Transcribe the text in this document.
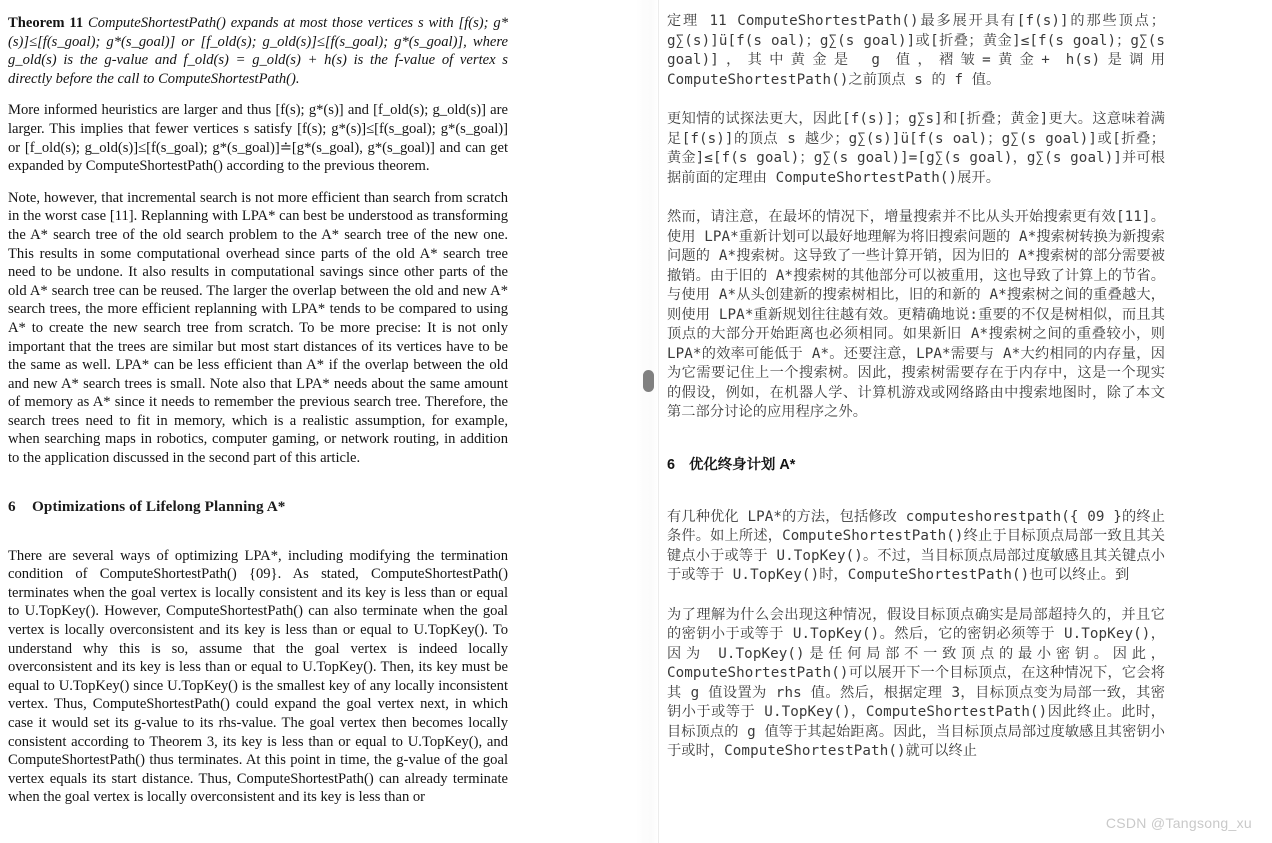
Theorem 11 ComputeShortestPath() expands at most those vertices s with [f(s); g*(s)]≤[f(s_goal); g*(s_goal)] or [f_old(s); g_old(s)]≤[f(s_goal); g*(s_goal)], where g_old(s) is the g-value and f_old(s) = g_old(s) + h(s) is the f-value of vertex s directly before the call to ComputeShortestPath().

More informed heuristics are larger and thus [f(s); g*(s)] and [f_old(s); g_old(s)] are larger. This implies that fewer vertices s satisfy [f(s); g*(s)]≤[f(s_goal); g*(s_goal)] or [f_old(s); g_old(s)]≤[f(s_goal); g*(s_goal)]≐[g*(s_goal), g*(s_goal)] and can get expanded by ComputeShortestPath() according to the previous theorem.

Note, however, that incremental search is not more efficient than search from scratch in the worst case [11]. Replanning with LPA* can best be understood as transforming the A* search tree of the old search problem to the A* search tree of the new one. This results in some computational overhead since parts of the old A* search tree need to be undone. It also results in computational savings since other parts of the old A* search tree can be reused. The larger the overlap between the old and new A* search trees, the more efficient replanning with LPA* tends to be compared to using A* to create the new search tree from scratch. To be more precise: It is not only important that the trees are similar but most start distances of its vertices have to be the same as well. LPA* can be less efficient than A* if the overlap between the old and new A* search trees is small. Note also that LPA* needs about the same amount of memory as A* since it needs to remember the previous search tree. Therefore, the search trees need to fit in memory, which is a realistic assumption, for example, when searching maps in robotics, computer gaming, or network routing, in addition to the application discussed in the second part of this article.

6 Optimizations of Lifelong Planning A*

There are several ways of optimizing LPA*, including modifying the termination condition of ComputeShortestPath() {09}. As stated, ComputeShortestPath() terminates when the goal vertex is locally consistent and its key is less than or equal to U.TopKey(). However, ComputeShortestPath() can also terminate when the goal vertex is locally overconsistent and its key is less than or equal to U.TopKey(). To understand why this is so, assume that the goal vertex is indeed locally overconsistent and its key is less than or equal to U.TopKey(). Then, its key must be equal to U.TopKey() since U.TopKey() is the smallest key of any locally inconsistent vertex. Thus, ComputeShortestPath() could expand the goal vertex next, in which case it would set its g-value to its rhs-value. The goal vertex then becomes locally consistent according to Theorem 3, its key is less than or equal to U.TopKey(), and ComputeShortestPath() thus terminates. At this point in time, the g-value of the goal vertex equals its start distance. Thus, ComputeShortestPath() can already terminate when the goal vertex is locally overconsistent and its key is less than or

定理 11 ComputeShortestPath()最多展开具有[f(s)]的那些顶点；g∑(s)]ü[f(s oal)；g∑(s goal)]或[折叠；黄金]≤[f(s goal)；g∑(s goal)]，其中黄金是 g 值，褶皱=黄金+ h(s)是调用ComputeShortestPath()之前顶点 s 的 f 值。

更知情的试探法更大，因此[f(s)]；g∑s]和[折叠；黄金]更大。这意味着满足[f(s)]的顶点 s 越少；g∑(s)]ü[f(s oal)；g∑(s goal)]或[折叠；黄金]≤[f(s goal)；g∑(s goal)]=[g∑(s goal)，g∑(s goal)]并可根据前面的定理由 ComputeShortestPath()展开。

然而，请注意，在最坏的情况下，增量搜索并不比从头开始搜索更有效[11]。使用 LPA*重新计划可以最好地理解为将旧搜索问题的 A*搜索树转换为新搜索问题的 A*搜索树。这导致了一些计算开销，因为旧的 A*搜索树的部分需要被撤销。由于旧的 A*搜索树的其他部分可以被重用，这也导致了计算上的节省。与使用 A*从头创建新的搜索树相比，旧的和新的 A*搜索树之间的重叠越大，则使用 LPA*重新规划往往越有效。更精确地说:重要的不仅是树相似，而且其顶点的大部分开始距离也必须相同。如果新旧 A*搜索树之间的重叠较小，则 LPA*的效率可能低于 A*。还要注意，LPA*需要与 A*大约相同的内存量，因为它需要记住上一个搜索树。因此，搜索树需要存在于内存中，这是一个现实的假设，例如，在机器人学、计算机游戏或网络路由中搜索地图时，除了本文第二部分讨论的应用程序之外。

6 优化终身计划 A*

有几种优化 LPA*的方法，包括修改 computeshorestpath({ 09 }的终止条件。如上所述，ComputeShortestPath()终止于目标顶点局部一致且其关键点小于或等于 U.TopKey()。不过，当目标顶点局部过度敏感且其关键点小于或等于 U.TopKey()时，ComputeShortestPath()也可以终止。到

为了理解为什么会出现这种情况，假设目标顶点确实是局部超持久的，并且它的密钥小于或等于 U.TopKey()。然后，它的密钥必须等于 U.TopKey()，因为 U.TopKey()是任何局部不一致顶点的最小密钥。因此，ComputeShortestPath()可以展开下一个目标顶点，在这种情况下，它会将其 g 值设置为 rhs 值。然后，根据定理 3，目标顶点变为局部一致，其密钥小于或等于 U.TopKey()，ComputeShortestPath()因此终止。此时，目标顶点的 g 值等于其起始距离。因此，当目标顶点局部过度敏感且其密钥小于或时，ComputeShortestPath()就可以终止

CSDN @Tangsong_xu
